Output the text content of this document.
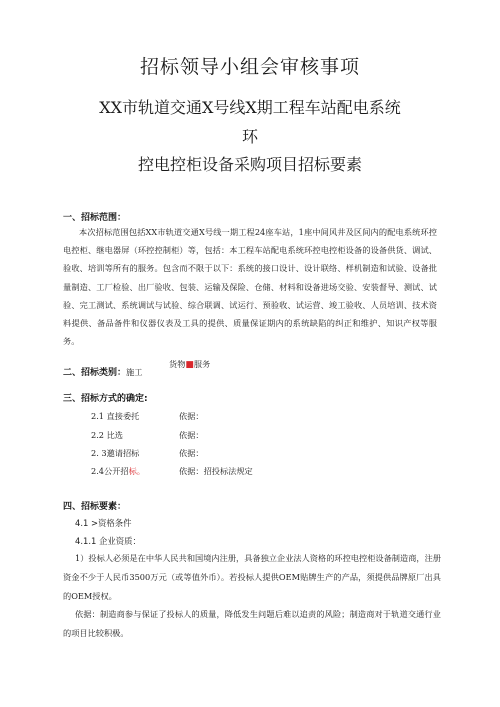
招标领导小组会审核事项
XX市轨道交通X号线X期工程车站配电系统
环
控电控柜设备采购项目招标要素
一、招标范围：
本次招标范围包括XX市轨道交通X号线一期工程24座车站，1座中间风井及区间内的配电系统环控电控柜、继电器屏（环控控制柜）等，包括：本工程车站配电系统环控电控柜设备的设备供货、调试、验收、培训等所有的服务。包含而不限于以下：系统的接口设计、设计联络、样机制造和试验、设备批量制造、工厂检验、出厂验收、包装、运输及保险、仓储、材料和设备进场交验、安装督导、测试、试验、完工测试、系统调试与试验、综合联调、试运行、预验收、试运营、竣工验收、人员培训、技术资料提供、备品备件和仪器仪表及工具的提供、质量保证期内的系统缺陷的纠正和维护、知识产权等服务。
二、招标类别：施工
货物■服务
三、招标方式的确定:
2.1 直接委托	依据：
2.2 比选	依据：
2. 3邀请招标	依据：
2.4公开招标。	依据：招投标法规定
四、招标要素：
4.1 >资格条件
4.1.1 企业资质：
1）投标人必须是在中华人民共和国境内注册，具备独立企业法人资格的环控电控柜设备制造商，注册资金不少于人民币3500万元（或等值外币）。若投标人提供OEM贴牌生产的产品，须提供品牌原厂出具的OEM授权。
依据：制造商参与保证了投标人的质量，降低发生问题后难以追责的风险；制造商对于轨道交通行业的项目比较积极。
